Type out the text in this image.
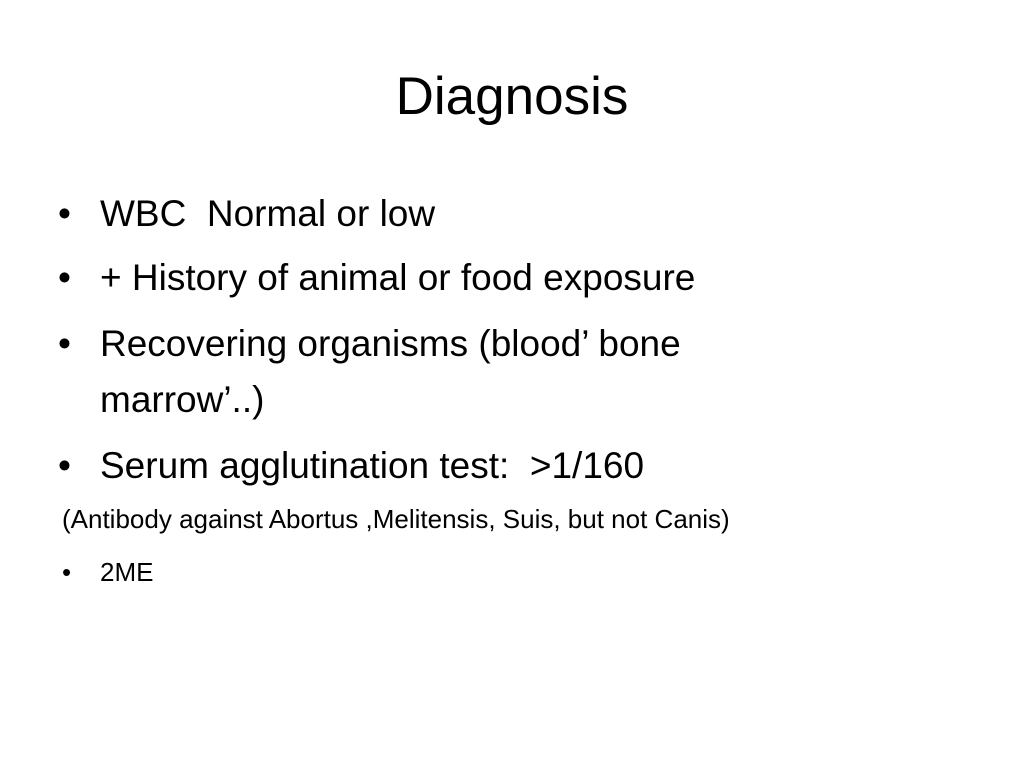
Diagnosis
• WBC  Normal or low
• + History of animal or food exposure
• Recovering organisms (blood’ bone
marrow’..)
• Serum agglutination test:  >1/160
(Antibody against Abortus ,Melitensis, Suis, but not Canis)
• 2ME
